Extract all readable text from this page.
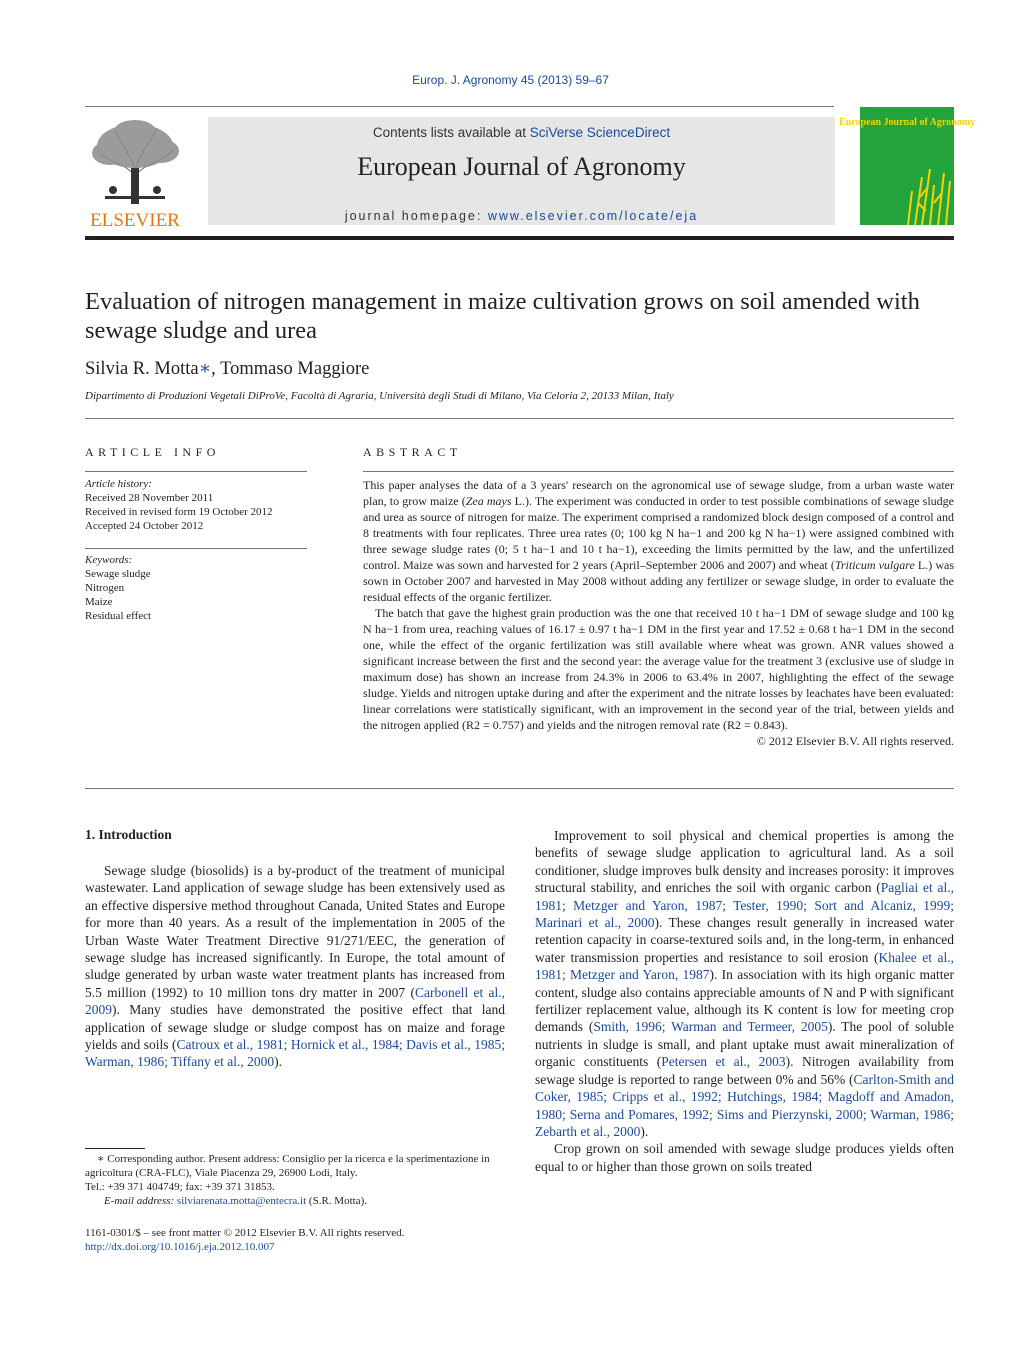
Europ. J. Agronomy 45 (2013) 59–67
ELSEVIER
Contents lists available at SciVerse ScienceDirect
European Journal of Agronomy
journal homepage: www.elsevier.com/locate/eja
European Journal of Agronomy
Evaluation of nitrogen management in maize cultivation grows on soil amended with sewage sludge and urea
Silvia R. Motta∗, Tommaso Maggiore
Dipartimento di Produzioni Vegetali DiProVe, Facoltà di Agraria, Università degli Studi di Milano, Via Celoria 2, 20133 Milan, Italy
ARTICLE INFO
Article history:
Received 28 November 2011
Received in revised form 19 October 2012
Accepted 24 October 2012
Keywords:
Sewage sludge
Nitrogen
Maize
Residual effect
ABSTRACT

This paper analyses the data of a 3 years' research on the agronomical use of sewage sludge, from a urban waste water plan, to grow maize (Zea mays L.). The experiment was conducted in order to test possible combinations of sewage sludge and urea as source of nitrogen for maize. The experiment comprised a randomized block design composed of a control and 8 treatments with four replicates. Three urea rates (0; 100 kg N ha−1 and 200 kg N ha−1) were assigned combined with three sewage sludge rates (0; 5 t ha−1 and 10 t ha−1), exceeding the limits permitted by the law, and the unfertilized control. Maize was sown and harvested for 2 years (April–September 2006 and 2007) and wheat (Triticum vulgare L.) was sown in October 2007 and harvested in May 2008 without adding any fertilizer or sewage sludge, in order to evaluate the residual effects of the organic fertilizer.

The batch that gave the highest grain production was the one that received 10 t ha−1 DM of sewage sludge and 100 kg N ha−1 from urea, reaching values of 16.17 ± 0.97 t ha−1 DM in the first year and 17.52 ± 0.68 t ha−1 DM in the second one, while the effect of the organic fertilization was still available where wheat was grown. ANR values showed a significant increase between the first and the second year: the average value for the treatment 3 (exclusive use of sludge in maximum dose) has shown an increase from 24.3% in 2006 to 63.4% in 2007, highlighting the effect of the sewage sludge. Yields and nitrogen uptake during and after the experiment and the nitrate losses by leachates have been evaluated: linear correlations were statistically significant, with an improvement in the second year of the trial, between yields and the nitrogen applied (R2 = 0.757) and yields and the nitrogen removal rate (R2 = 0.843).

© 2012 Elsevier B.V. All rights reserved.
1. Introduction

Sewage sludge (biosolids) is a by-product of the treatment of municipal wastewater. Land application of sewage sludge has been extensively used as an effective dispersive method throughout Canada, United States and Europe for more than 40 years. As a result of the implementation in 2005 of the Urban Waste Water Treatment Directive 91/271/EEC, the generation of sewage sludge has increased significantly. In Europe, the total amount of sludge generated by urban waste water treatment plants has increased from 5.5 million (1992) to 10 million tons dry matter in 2007 (Carbonell et al., 2009). Many studies have demonstrated the positive effect that land application of sewage sludge or sludge compost has on maize and forage yields and soils (Catroux et al., 1981; Hornick et al., 1984; Davis et al., 1985; Warman, 1986; Tiffany et al., 2000).

Improvement to soil physical and chemical properties is among the benefits of sewage sludge application to agricultural land. As a soil conditioner, sludge improves bulk density and increases porosity: it improves structural stability, and enriches the soil with organic carbon (Pagliai et al., 1981; Metzger and Yaron, 1987; Tester, 1990; Sort and Alcaniz, 1999; Marinari et al., 2000). These changes result generally in increased water retention capacity in coarse-textured soils and, in the long-term, in enhanced water transmission properties and resistance to soil erosion (Khalee et al., 1981; Metzger and Yaron, 1987). In association with its high organic matter content, sludge also contains appreciable amounts of N and P with significant fertilizer replacement value, although its K content is low for meeting crop demands (Smith, 1996; Warman and Termeer, 2005). The pool of soluble nutrients in sludge is small, and plant uptake must await mineralization of organic constituents (Petersen et al., 2003). Nitrogen availability from sewage sludge is reported to range between 0% and 56% (Carlton-Smith and Coker, 1985; Cripps et al., 1992; Hutchings, 1984; Magdoff and Amadon, 1980; Serna and Pomares, 1992; Sims and Pierzynski, 2000; Warman, 1986; Zebarth et al., 2000).

Crop grown on soil amended with sewage sludge produces yields often equal to or higher than those grown on soils treated

∗ Corresponding author. Present address: Consiglio per la ricerca e la sperimentazione in agricoltura (CRA-FLC), Viale Piacenza 29, 26900 Lodi, Italy.

Tel.: +39 371 404749; fax: +39 371 31853.

E-mail address: silviarenata.motta@entecra.it (S.R. Motta).

1161-0301/$ – see front matter © 2012 Elsevier B.V. All rights reserved.

http://dx.doi.org/10.1016/j.eja.2012.10.007
